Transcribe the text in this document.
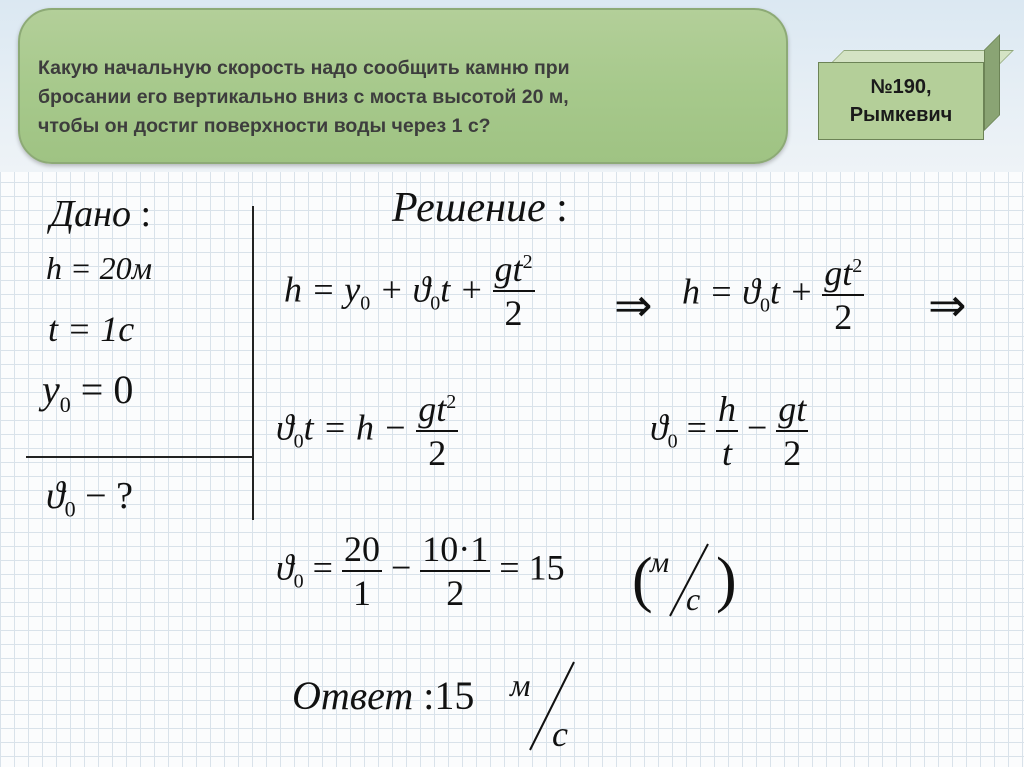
Какую начальную скорость надо сообщить камню при
бросании его вертикально вниз с моста высотой 20 м,
чтобы он достиг поверхности воды через 1 с?
№190,
Рымкевич
Дано :
h = 20м
t = 1c
$y_0 = 0$
$ϑ_0$ − ?
Решение :
$h = y_0 + ϑ_0t + \frac{gt^2}{2}$ ⇒ $h = ϑ_0t + \frac{gt^2}{2}$ ⇒
$ϑ_0t = h - \frac{gt^2}{2}$	$ϑ_0 = \frac{h}{t} - \frac{gt}{2}$
$ϑ_0 = \frac{20}{1} - \frac{10\cdot 1}{2} = 15$ (
м
c )
Ответ :15 м
c
